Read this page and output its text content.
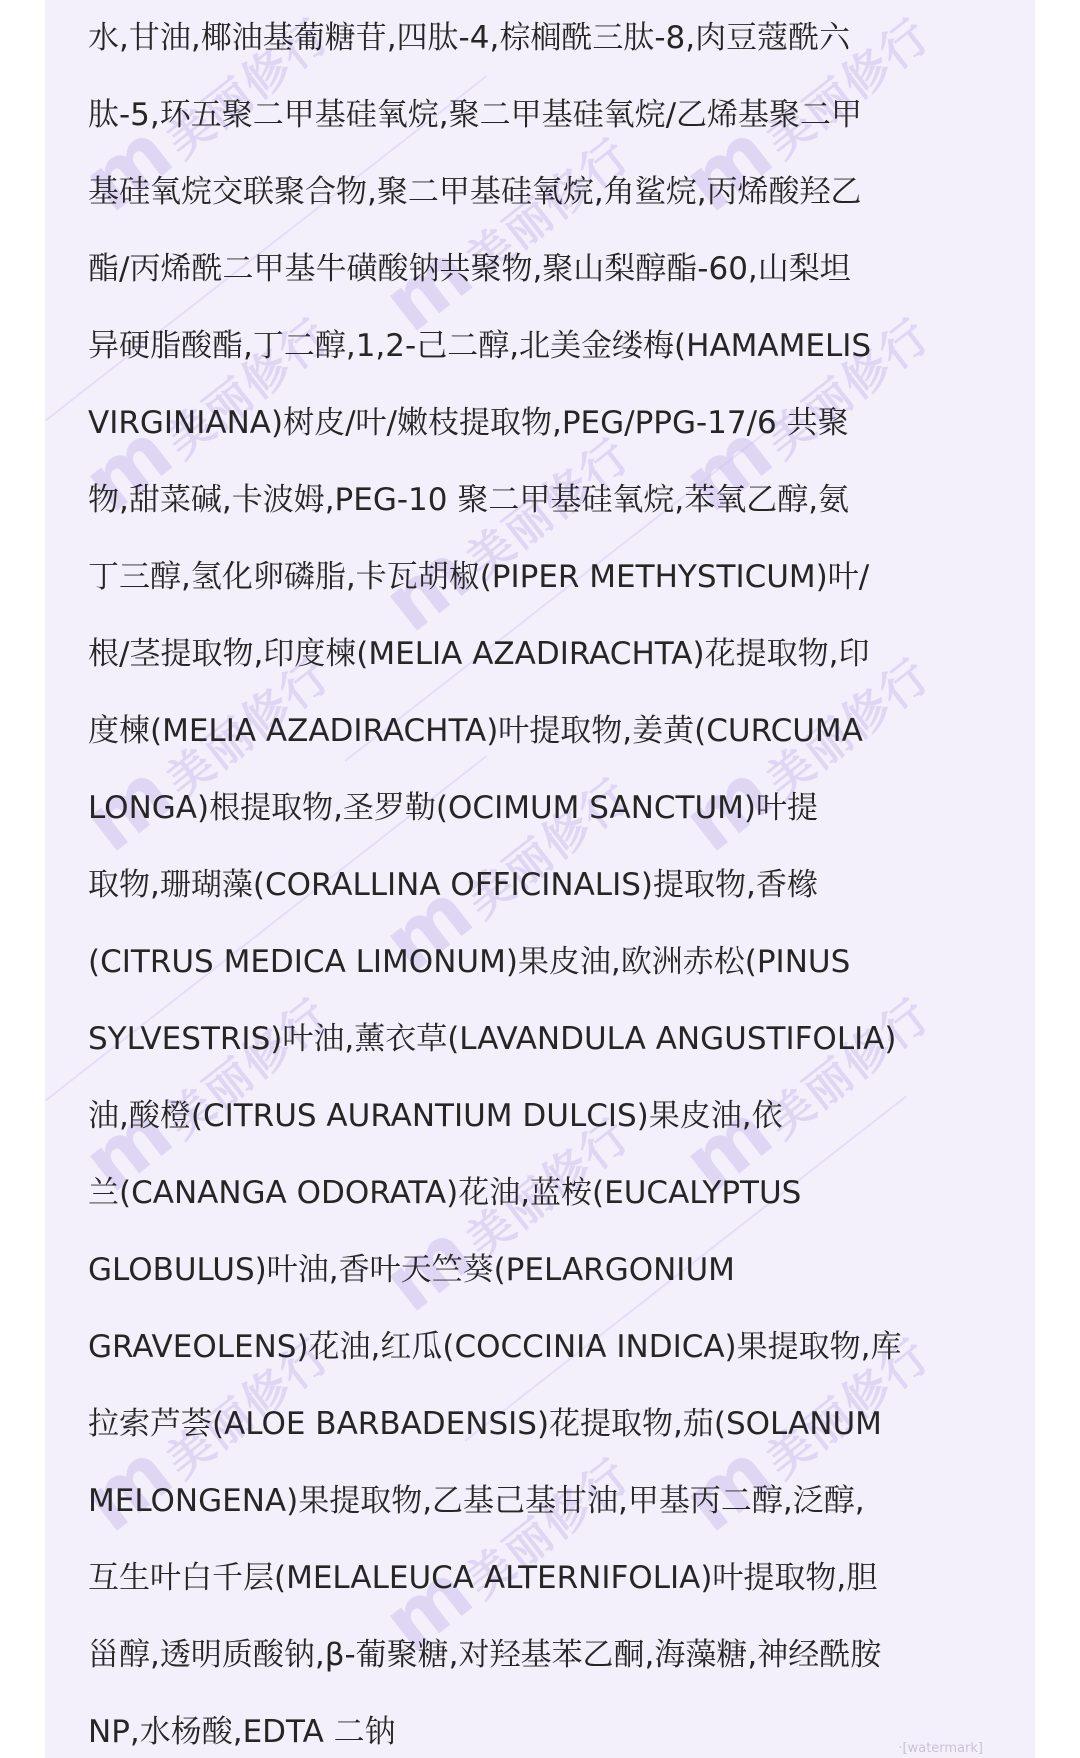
m美丽修行
m美丽修行 m美丽修行
m美丽修行
m美丽修行 m美丽修行
m美丽修行
m美丽修行 m美丽修行
m美丽修行
m美丽修行 m美丽修行
m美丽修行
m美丽修行 m美丽修行
水,甘油,椰油基葡糖苷,四肽-4,棕榈酰三肽-8,肉豆蔻酰六
肽-5,环五聚二甲基硅氧烷,聚二甲基硅氧烷/乙烯基聚二甲
基硅氧烷交联聚合物,聚二甲基硅氧烷,角鲨烷,丙烯酸羟乙
酯/丙烯酰二甲基牛磺酸钠共聚物,聚山梨醇酯-60,山梨坦
异硬脂酸酯,丁二醇,1,2-己二醇,北美金缕梅(HAMAMELIS
VIRGINIANA)树皮/叶/嫩枝提取物,PEG/PPG-17/6 共聚
物,甜菜碱,卡波姆,PEG-10 聚二甲基硅氧烷,苯氧乙醇,氨
丁三醇,氢化卵磷脂,卡瓦胡椒(PIPER METHYSTICUM)叶/
根/茎提取物,印度楝(MELIA AZADIRACHTA)花提取物,印
度楝(MELIA AZADIRACHTA)叶提取物,姜黄(CURCUMA
LONGA)根提取物,圣罗勒(OCIMUM SANCTUM)叶提
取物,珊瑚藻(CORALLINA OFFICINALIS)提取物,香橼
(CITRUS MEDICA LIMONUM)果皮油,欧洲赤松(PINUS
SYLVESTRIS)叶油,薰衣草(LAVANDULA ANGUSTIFOLIA)
油,酸橙(CITRUS AURANTIUM DULCIS)果皮油,依
兰(CANANGA ODORATA)花油,蓝桉(EUCALYPTUS
GLOBULUS)叶油,香叶天竺葵(PELARGONIUM
GRAVEOLENS)花油,红瓜(COCCINIA INDICA)果提取物,库
拉索芦荟(ALOE BARBADENSIS)花提取物,茄(SOLANUM
MELONGENA)果提取物,乙基己基甘油,甲基丙二醇,泛醇,
互生叶白千层(MELALEUCA ALTERNIFOLIA)叶提取物,胆
甾醇,透明质酸钠,β-葡聚糖,对羟基苯乙酮,海藻糖,神经酰胺
NP,水杨酸,EDTA 二钠	·[watermark]
